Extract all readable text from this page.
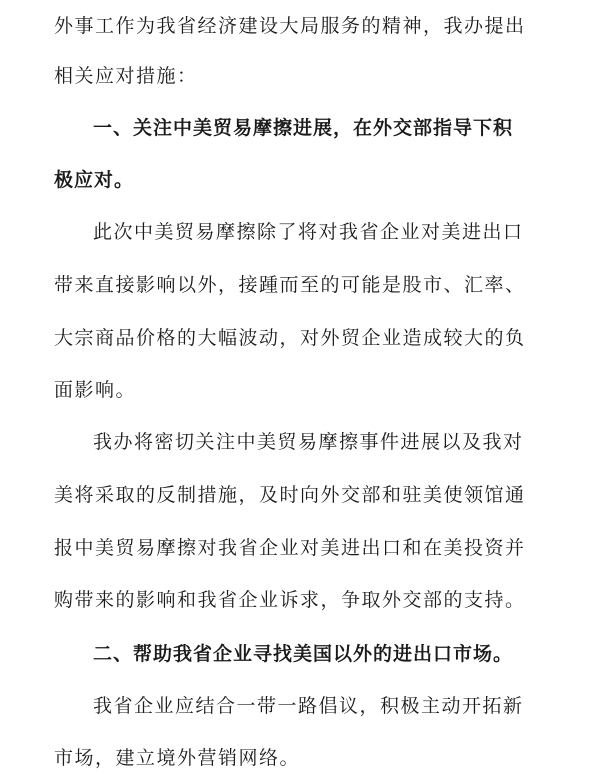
外事工作为我省经济建设大局服务的精神，我办提出
相关应对措施：
一、关注中美贸易摩擦进展，在外交部指导下积
极应对。
此次中美贸易摩擦除了将对我省企业对美进出口
带来直接影响以外，接踵而至的可能是股市、汇率、
大宗商品价格的大幅波动，对外贸企业造成较大的负
面影响。
我办将密切关注中美贸易摩擦事件进展以及我对
美将采取的反制措施，及时向外交部和驻美使领馆通
报中美贸易摩擦对我省企业对美进出口和在美投资并
购带来的影响和我省企业诉求，争取外交部的支持。
二、帮助我省企业寻找美国以外的进出口市场。
我省企业应结合一带一路倡议，积极主动开拓新
市场，建立境外营销网络。
